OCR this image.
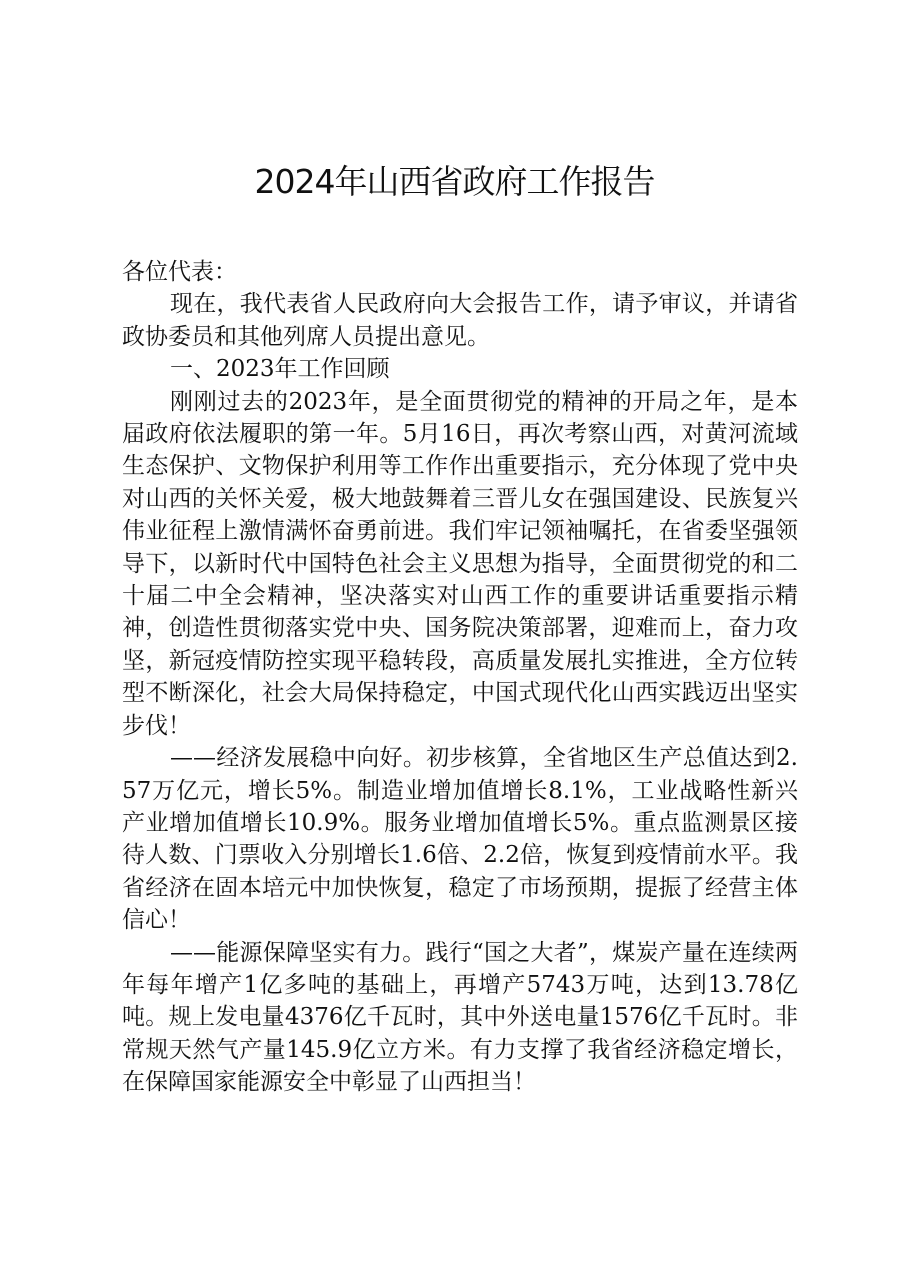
2024年山西省政府工作报告

各位代表：

现在，我代表省人民政府向大会报告工作，请予审议，并请省政协委员和其他列席人员提出意见。

一、2023年工作回顾

刚刚过去的2023年，是全面贯彻党的精神的开局之年，是本届政府依法履职的第一年。5月16日，再次考察山西，对黄河流域生态保护、文物保护利用等工作作出重要指示，充分体现了党中央对山西的关怀关爱，极大地鼓舞着三晋儿女在强国建设、民族复兴伟业征程上激情满怀奋勇前进。我们牢记领袖嘱托，在省委坚强领导下，以新时代中国特色社会主义思想为指导，全面贯彻党的和二十届二中全会精神，坚决落实对山西工作的重要讲话重要指示精神，创造性贯彻落实党中央、国务院决策部署，迎难而上，奋力攻坚，新冠疫情防控实现平稳转段，高质量发展扎实推进，全方位转型不断深化，社会大局保持稳定，中国式现代化山西实践迈出坚实步伐！

——经济发展稳中向好。初步核算，全省地区生产总值达到2.57万亿元，增长5%。制造业增加值增长8.1%，工业战略性新兴产业增加值增长10.9%。服务业增加值增长5%。重点监测景区接待人数、门票收入分别增长1.6倍、2.2倍，恢复到疫情前水平。我省经济在固本培元中加快恢复，稳定了市场预期，提振了经营主体信心！

——能源保障坚实有力。践行“国之大者”，煤炭产量在连续两年每年增产1亿多吨的基础上，再增产5743万吨，达到13.78亿吨。规上发电量4376亿千瓦时，其中外送电量1576亿千瓦时。非常规天然气产量145.9亿立方米。有力支撑了我省经济稳定增长，在保障国家能源安全中彰显了山西担当！
